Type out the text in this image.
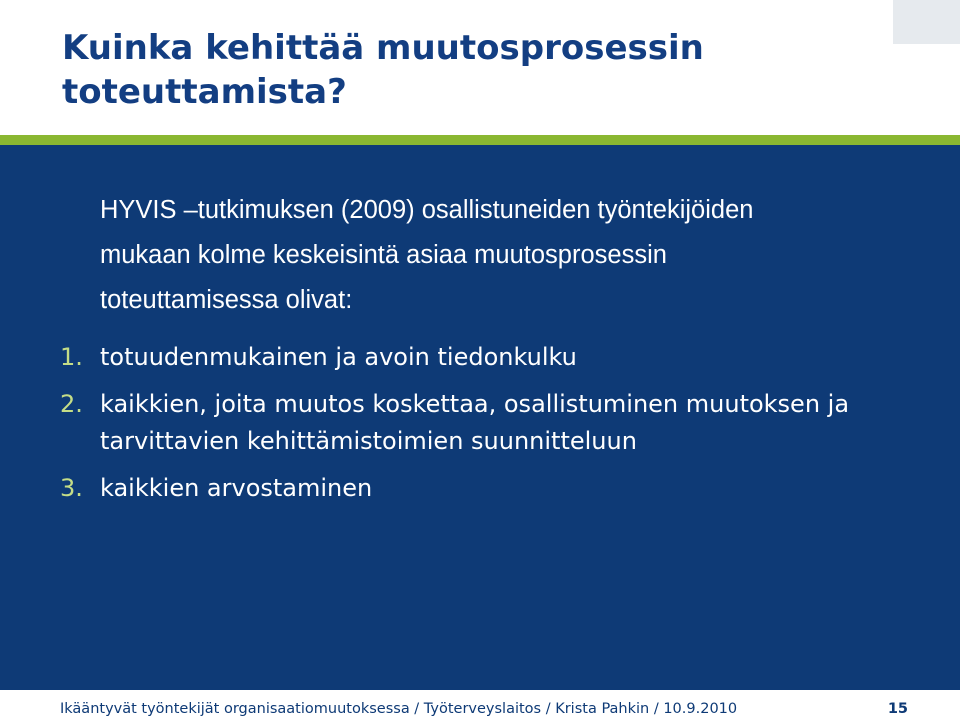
Kuinka kehittää muutosprosessin toteuttamista?
HYVIS –tutkimuksen (2009) osallistuneiden työntekijöiden mukaan kolme keskeisintä asiaa muutosprosessin toteuttamisessa olivat:
1. totuudenmukainen ja avoin tiedonkulku
2. kaikkien, joita muutos koskettaa, osallistuminen muutoksen ja tarvittavien kehittämistoimien suunnitteluun
3. kaikkien arvostaminen
Ikääntyvät työntekijät organisaatiomuutoksessa / Työterveyslaitos / Krista Pahkin / 10.9.2010	15
